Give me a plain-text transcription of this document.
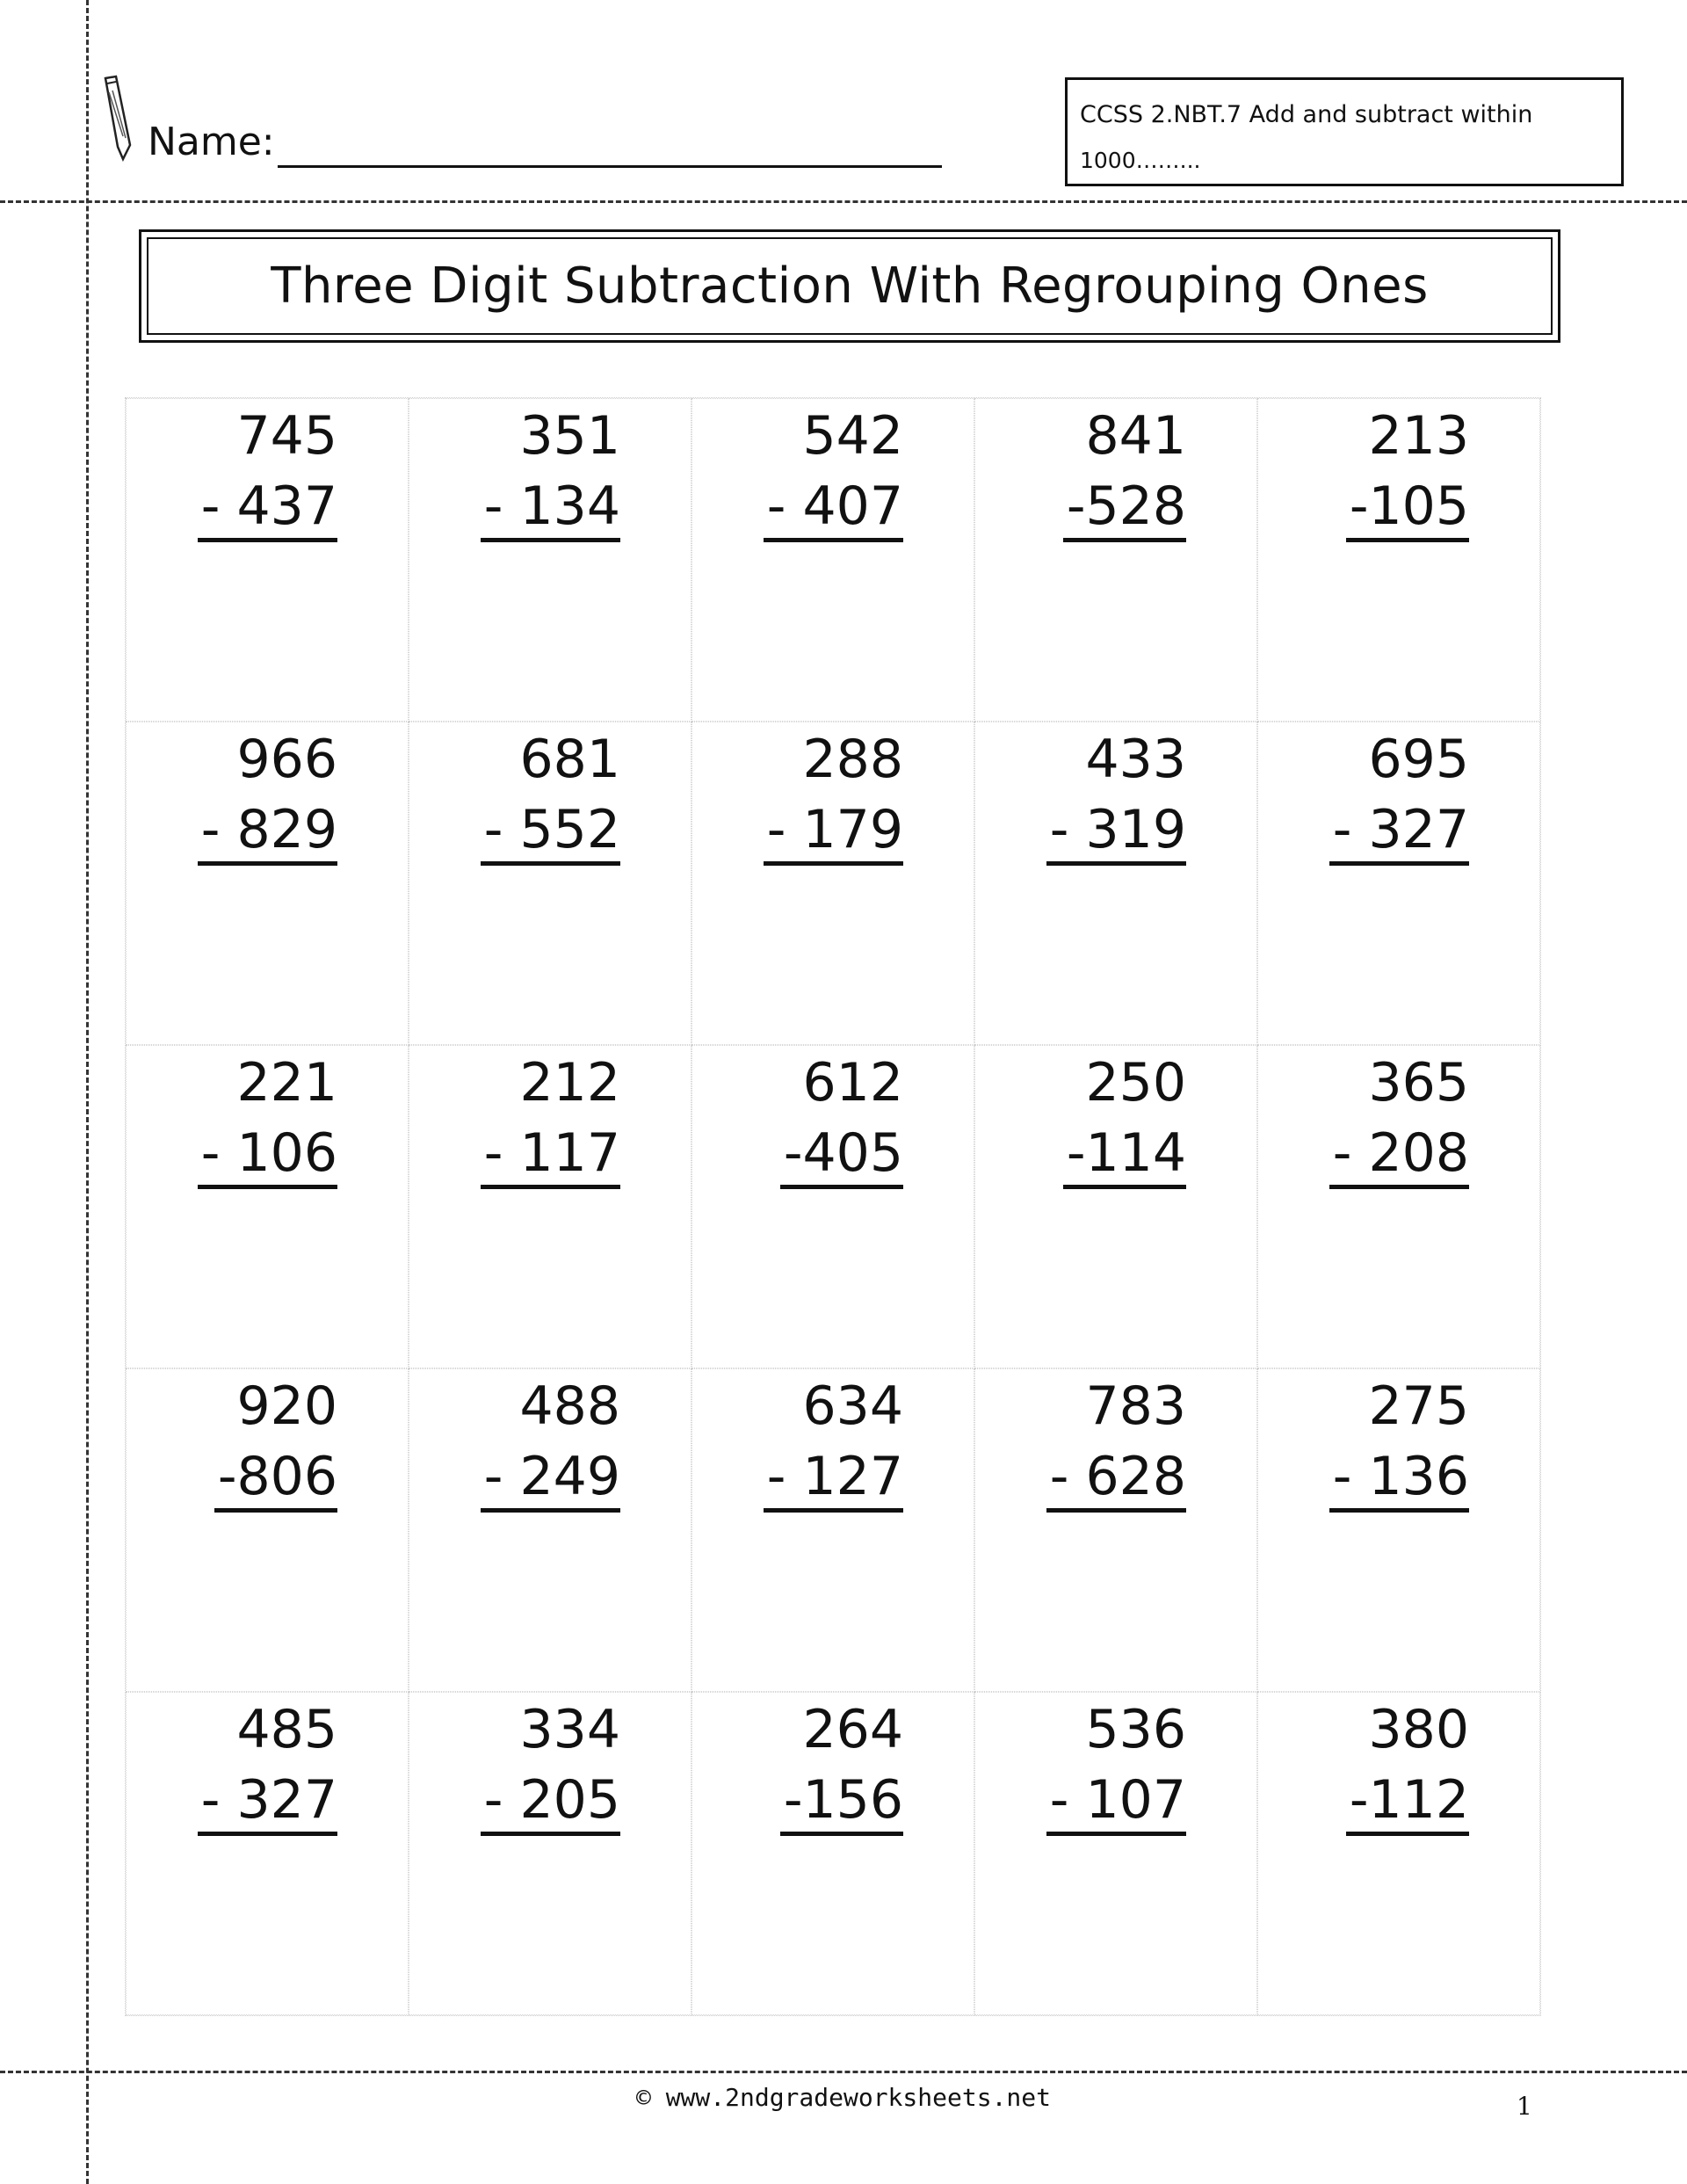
Name:
CCSS 2.NBT.7 Add and subtract within
1000……...
Three Digit Subtraction With Regrouping Ones
745
- 437
351
- 134
542
- 407
841
-528
213
-105
966
- 829
681
- 552
288
- 179
433
- 319
695
- 327
221
- 106
212
- 117
612
-405
250
-114
365
- 208
920
-806
488
- 249
634
- 127
783
- 628
275
- 136
485
- 327
334
- 205
264
-156
536
- 107
380
-112
© www.2ndgradeworksheets.net	1
